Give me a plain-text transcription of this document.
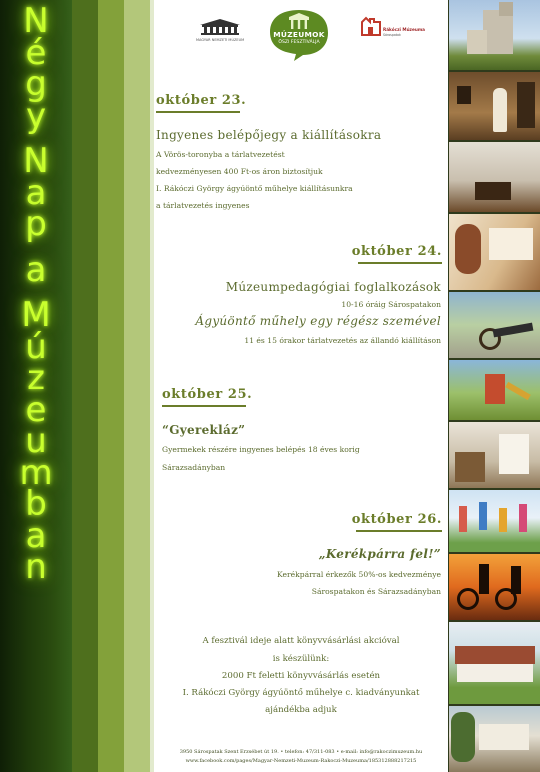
N
é
g
y
N
a
p
a
M
ú
z
e
u
m
b
a
n
MAGYAR NEMZETI MÚZEUM
MÚZEUMOK
ŐSZI FESZTIVÁLJA
Rákóczi Múzeuma
Sárospatak
október 23.
Ingyenes belépőjegy a kiállításokra
A Vörös-toronyba a tárlatvezetést
kedvezményesen 400 Ft-os áron biztosítjuk
I. Rákóczi György ágyúöntő műhelye kiállításunkra
a tárlatvezetés ingyenes
október 24.
Múzeumpedagógiai foglalkozások
10-16 óráig Sárospatakon
Ágyúöntő műhely egy régész szemével
11 és 15 órakor tárlatvezetés az állandó kiállításon
október 25.
“Gyerekláz”
Gyermekek részére ingyenes belépés 18 éves korig
Sárazsadányban
október 26.
„Kerékpárra fel!”
Kerékpárral érkezők 50%-os kedvezménye
Sárospatakon és Sárazsadányban
A fesztivál ideje alatt könyvvásárlási akcióval
is készülünk:
2000 Ft feletti könyvvásárlás esetén
I. Rákóczi György ágyúöntő műhelye c. kiadványunkat
ajándékba adjuk
3950 Sárospatak Szent Erzsébet út 19. • telefon: 47/311-083 • e-mail: info@rakoczimuzeum.hu
www.facebook.com/pages/Magyar-Nemzeti-Muzeum-Rakoczi-Muzeuma/185312888217215
